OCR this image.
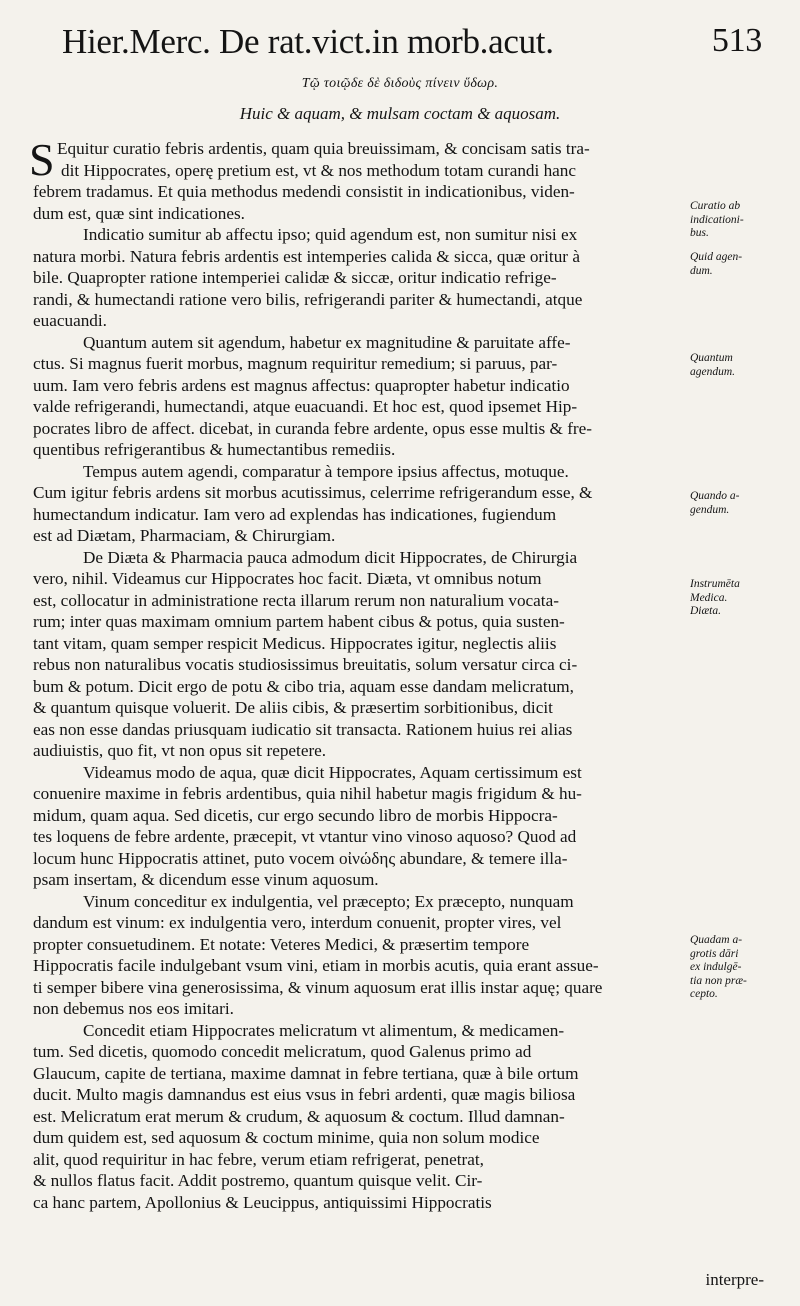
Hier.Merc. De rat.vict.in morb.acut.	513
Τῷ τοιῷδε δὲ διδοὺς πίνειν ὕδωρ.
Huic & aquam, & mulsam coctam & aquosam.
S Equitur curatio febris ardentis, quam quia breuissimam, & concisam satis tra-
dit Hippocrates, operę pretium est, vt & nos methodum totam curandi hanc
febrem tradamus. Et quia methodus medendi consistit in indicationibus, viden-
dum est, quæ sint indicationes.
Indicatio sumitur ab affectu ipso; quid agendum est, non sumitur nisi ex
natura morbi. Natura febris ardentis est intemperies calida & sicca, quæ oritur à
bile. Quapropter ratione intemperiei calidæ & siccæ, oritur indicatio refrige-
randi, & humectandi ratione vero bilis, refrigerandi pariter & humectandi, atque
euacuandi.
Quantum autem sit agendum, habetur ex magnitudine & paruitate affe-
ctus. Si magnus fuerit morbus, magnum requiritur remedium; si paruus, par-
uum. Iam vero febris ardens est magnus affectus: quapropter habetur indicatio
valde refrigerandi, humectandi, atque euacuandi. Et hoc est, quod ipsemet Hip-
pocrates libro de affect. dicebat, in curanda febre ardente, opus esse multis & fre-
quentibus refrigerantibus & humectantibus remediis.
Tempus autem agendi, comparatur à tempore ipsius affectus, motuque.
Cum igitur febris ardens sit morbus acutissimus, celerrime refrigerandum esse, &
humectandum indicatur. Iam vero ad explendas has indicationes, fugiendum
est ad Diætam, Pharmaciam, & Chirurgiam.
De Diæta & Pharmacia pauca admodum dicit Hippocrates, de Chirurgia
vero, nihil. Videamus cur Hippocrates hoc facit. Diæta, vt omnibus notum
est, collocatur in administratione recta illarum rerum non naturalium vocata-
rum; inter quas maximam omnium partem habent cibus & potus, quia susten-
tant vitam, quam semper respicit Medicus. Hippocrates igitur, neglectis aliis
rebus non naturalibus vocatis studiosissimus breuitatis, solum versatur circa ci-
bum & potum. Dicit ergo de potu & cibo tria, aquam esse dandam melicratum,
& quantum quisque voluerit. De aliis cibis, & præsertim sorbitionibus, dicit
eas non esse dandas priusquam iudicatio sit transacta. Rationem huius rei alias
audiuistis, quo fit, vt non opus sit repetere.
Videamus modo de aqua, quæ dicit Hippocrates, Aquam certissimum est
conuenire maxime in febris ardentibus, quia nihil habetur magis frigidum & hu-
midum, quam aqua. Sed dicetis, cur ergo secundo libro de morbis Hippocra-
tes loquens de febre ardente, præcepit, vt vtantur vino vinoso aquoso? Quod ad
locum hunc Hippocratis attinet, puto vocem οἰνώδης abundare, & temere illa-
psam insertam, & dicendum esse vinum aquosum.
Vinum conceditur ex indulgentia, vel præcepto; Ex præcepto, nunquam
dandum est vinum: ex indulgentia vero, interdum conuenit, propter vires, vel
propter consuetudinem. Et notate: Veteres Medici, & præsertim tempore
Hippocratis facile indulgebant vsum vini, etiam in morbis acutis, quia erant assue-
ti semper bibere vina generosissima, & vinum aquosum erat illis instar aquę; quare
non debemus nos eos imitari.
Concedit etiam Hippocrates melicratum vt alimentum, & medicamen-
tum. Sed dicetis, quomodo concedit melicratum, quod Galenus primo ad
Glaucum, capite de tertiana, maxime damnat in febre tertiana, quæ à bile ortum
ducit. Multo magis damnandus est eius vsus in febri ardenti, quæ magis biliosa
est. Melicratum erat merum & crudum, & aquosum & coctum. Illud damnan-
dum quidem est, sed aquosum & coctum minime, quia non solum modice
alit, quod requiritur in hac febre, verum etiam refrigerat, penetrat,
& nullos flatus facit. Addit postremo, quantum quisque velit. Cir-
ca hanc partem, Apollonius & Leucippus, antiquissimi Hippocratis
Curatio ab
indicationi-
bus.
Quid agen-
dum.
Quantum
agendum.
Quando a-
gendum.
Instrumēta
Medica.
Diæta.
Quadam a-
grotis dāri
ex indulgē-
tia non præ-
cepto.
interpre-
